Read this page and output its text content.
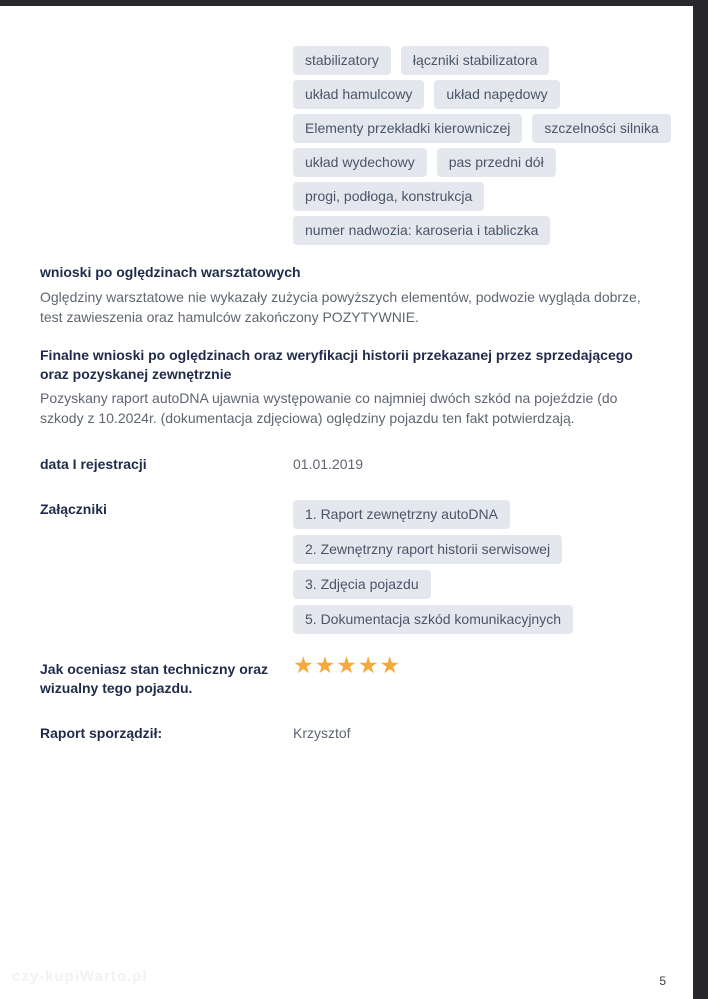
stabilizatory	łączniki stabilizatora
układ hamulcowy	układ napędowy
Elementy przekładki kierowniczej	szczelności silnika
układ wydechowy	pas przedni dół
progi, podłoga, konstrukcja
numer nadwozia: karoseria i tabliczka
wnioski po oględzinach warsztatowych

Oględziny warsztatowe nie wykazały zużycia powyższych elementów, podwozie wygląda dobrze, test zawieszenia oraz hamulców zakończony POZYTYWNIE.

Finalne wnioski po oględzinach oraz weryfikacji historii przekazanej przez sprzedającego oraz pozyskanej zewnętrznie

Pozyskany raport autoDNA ujawnia występowanie co najmniej dwóch szkód na pojeździe (do szkody z 10.2024r. (dokumentacja zdjęciowa) oględziny pojazdu ten fakt potwierdzają.

data I rejestracji	01.01.2019
Załączniki	1. Raport zewnętrzny autoDNA
2. Zewnętrzny raport historii serwisowej
3. Zdjęcia pojazdu
5. Dokumentacja szkód komunikacyjnych
Jak oceniasz stan techniczny oraz wizualny tego pojazdu.
★ ★ ★ ★ ★
Raport sporządził:	Krzysztof
czy-kupiWarto.pl	5
